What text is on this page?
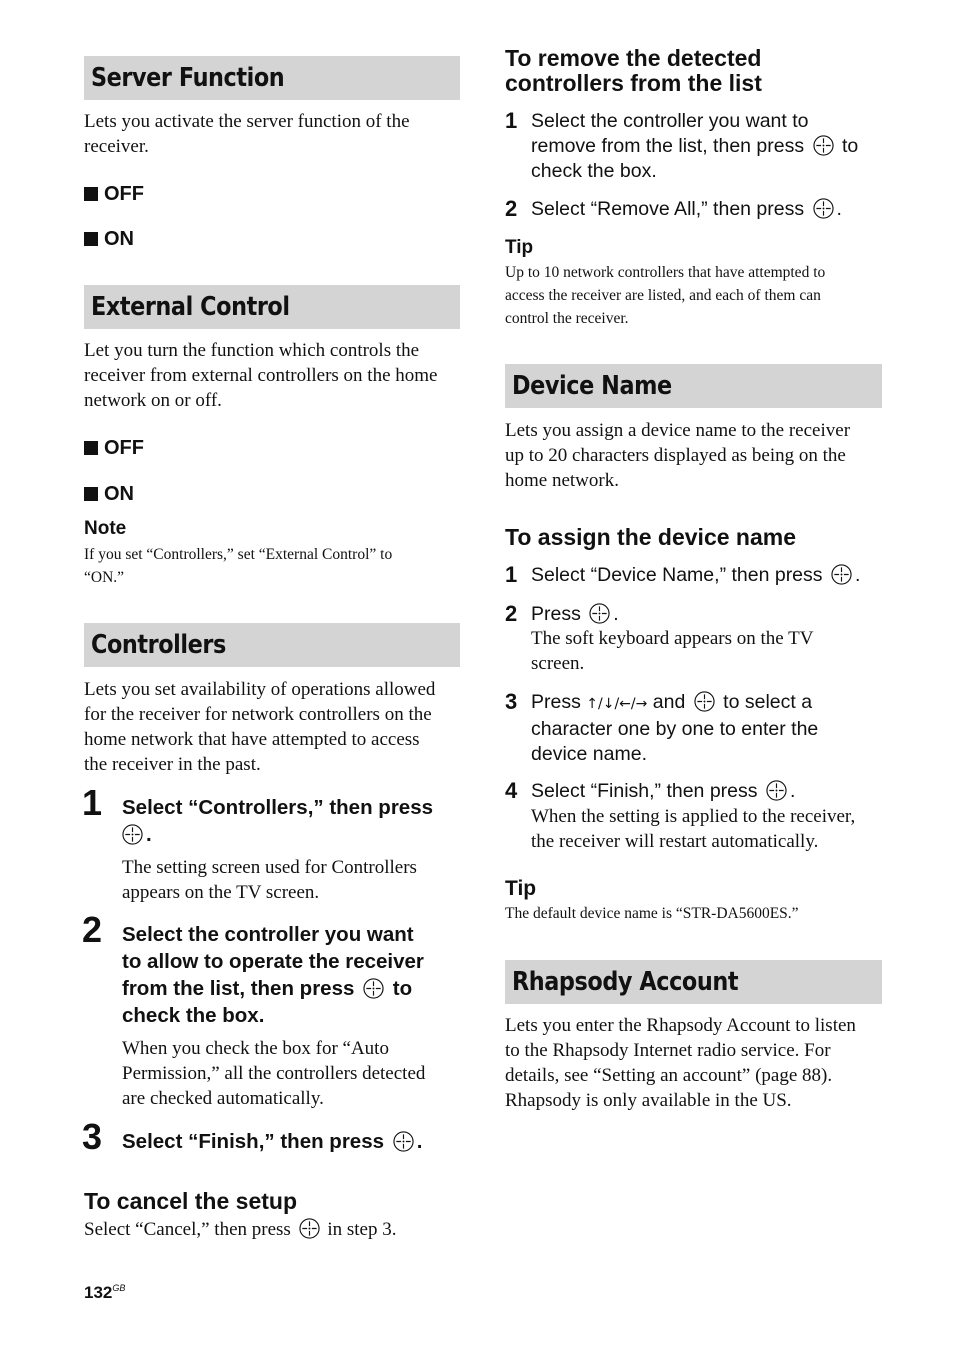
Server Function
Lets you activate the server function of the
receiver.
OFF
ON
External Control
Let you turn the function which controls the
receiver from external controllers on the home
network on or off.
OFF
ON
Note
If you set “Controllers,” set “External Control” to
“ON.”
Controllers
Lets you set availability of operations allowed
for the receiver for network controllers on the
home network that have attempted to access
the receiver in the past.
1 Select “Controllers,” then press
.
The setting screen used for Controllers
appears on the TV screen.
2 Select the controller you want
to allow to operate the receiver
from the list, then press to
check the box.
When you check the box for “Auto
Permission,” all the controllers detected
are checked automatically.
3 Select “Finish,” then press .
To cancel the setup
Select “Cancel,” then press in step 3.
$132^{GB}$
To remove the detected
controllers from the list
1 Select the controller you want to
remove from the list, then press to
check the box.
2 Select “Remove All,” then press .
Tip
Up to 10 network controllers that have attempted to
access the receiver are listed, and each of them can
control the receiver.
Device Name
Lets you assign a device name to the receiver
up to 20 characters displayed as being on the
home network.
To assign the device name
1 Select “Device Name,” then press .
2 Press .
The soft keyboard appears on the TV
screen.
3 Press ↑/↓/←/→ and to select a
character one by one to enter the
device name.
4 Select “Finish,” then press .
When the setting is applied to the receiver,
the receiver will restart automatically.
Tip
The default device name is “STR-DA5600ES.”
Rhapsody Account
Lets you enter the Rhapsody Account to listen
to the Rhapsody Internet radio service. For
details, see “Setting an account” (page 88).
Rhapsody is only available in the US.
